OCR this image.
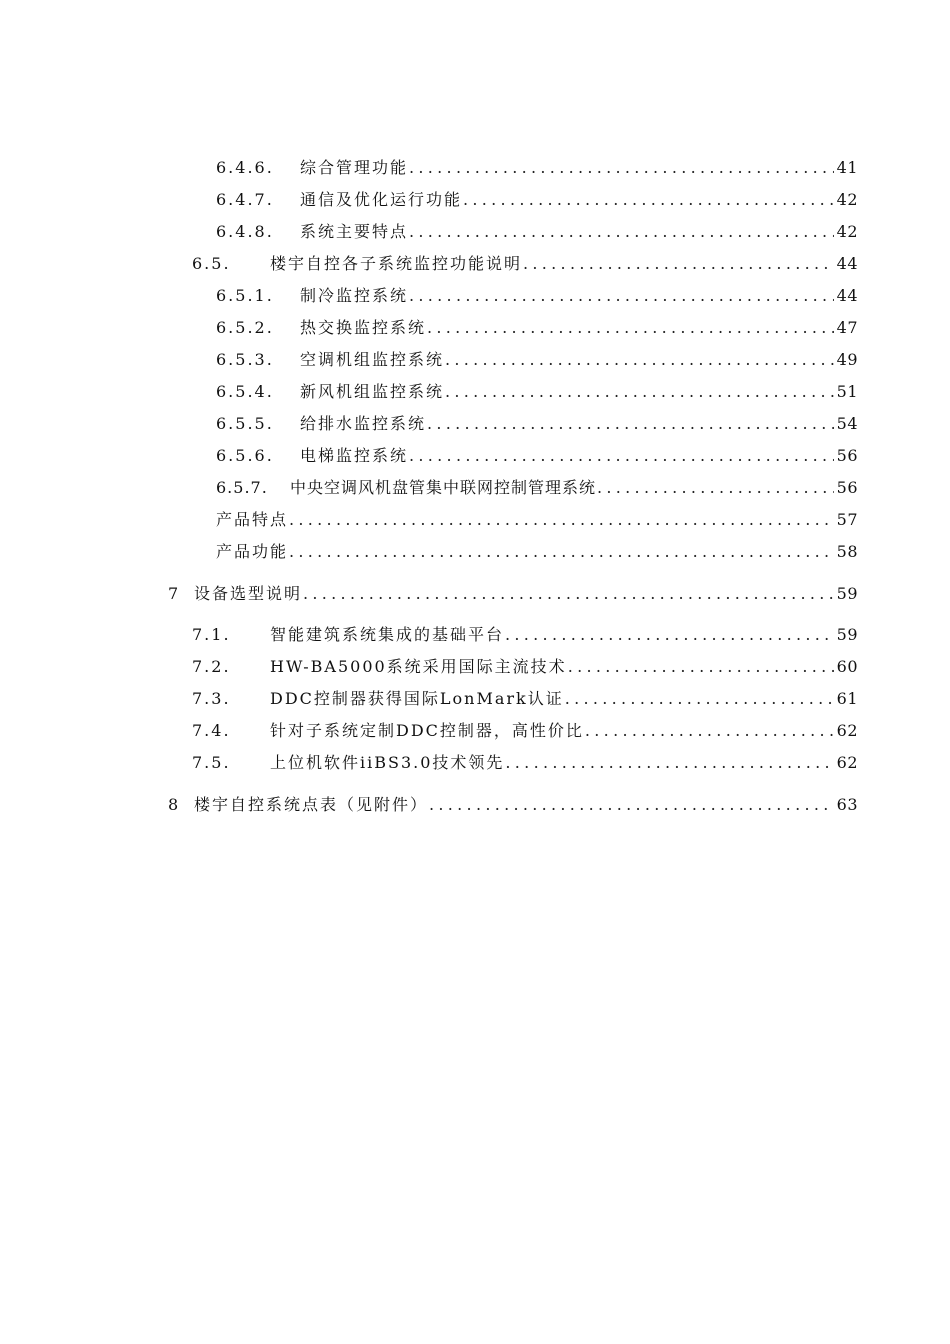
6.4.6.	综合管理功能 .....	41
6.4.7.	通信及优化运行功能 .....	42
6.4.8.	系统主要特点 .....	42
6.5.	楼宇自控各子系统监控功能说明 .....	44
6.5.1.	制冷监控系统 .....	44
6.5.2.	热交换监控系统 .....	47
6.5.3.	空调机组监控系统 .....	49
6.5.4.	新风机组监控系统 .....	51
6.5.5.	给排水监控系统 .....	54
6.5.6.	电梯监控系统 .....	56
6.5.7.	中央空调风机盘管集中联网控制管理系统 .....	56
产品特点 .....	57
产品功能 .....	58
7 设备选型说明 .....	59
7.1.	智能建筑系统集成的基础平台 .....	59
7.2.	HW-BA5000系统采用国际主流技术 .....	60
7.3.	DDC控制器获得国际LonMark认证 .....	61
7.4.	针对子系统定制DDC控制器，高性价比 .....	62
7.5.	上位机软件iiBS3.0技术领先 .....	62
8 楼宇自控系统点表（见附件） .....	63
